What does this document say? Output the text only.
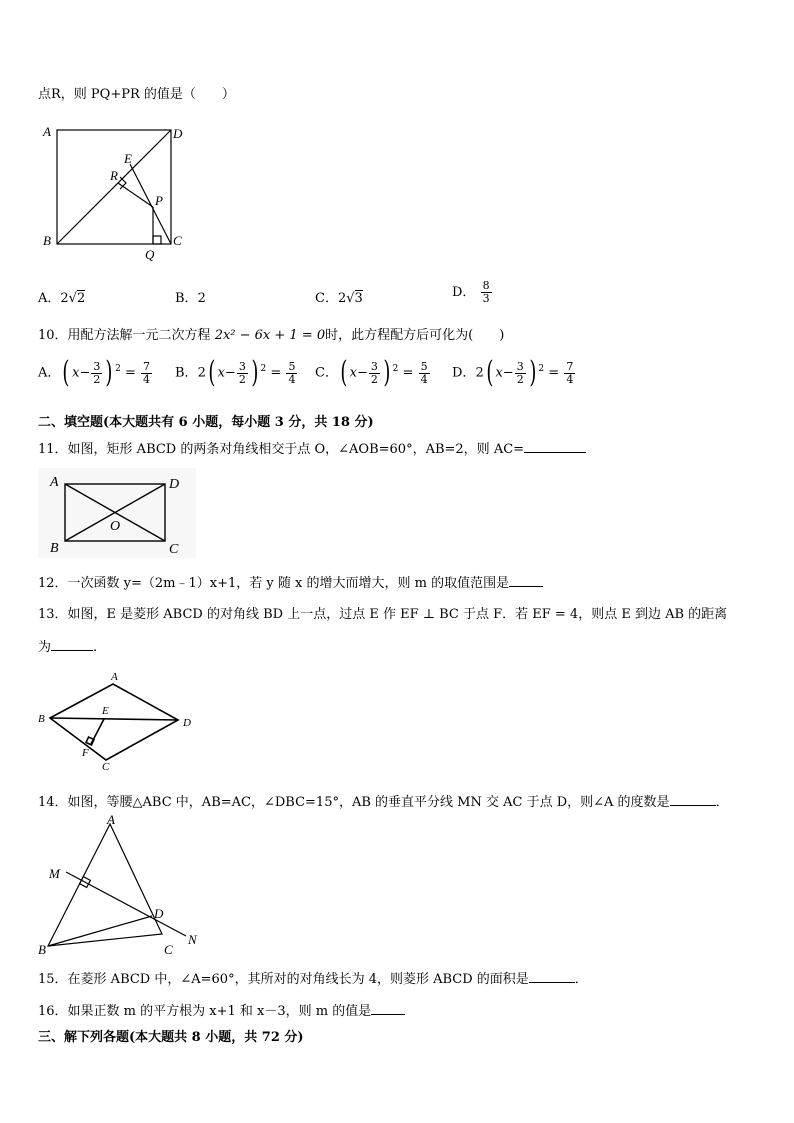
点R，则 PQ+PR 的值是（　　）
A	D
B	C
E
R
P
Q
A．2√2	B．2	C．2√3	D． $\frac{8}{3}$
10．用配方法解一元二次方程 2x² − 6x + 1 = 0时，此方程配方后可化为(　　)
A．( $x- \frac{3}{2}$ ) $^2 = \frac{7}{4}$ B．2( $x- \frac{3}{2}$ ) $^2 = \frac{5}{4}$ C．( $x- \frac{3}{2}$ ) $^2 = \frac{5}{4}$ D．2( $x- \frac{3}{2}$ ) $^2 = \frac{7}{4}$
二、填空题(本大题共有 6 小题，每小题 3 分，共 18 分)
11．如图，矩形 ABCD 的两条对角线相交于点 O，∠AOB=60°，AB=2，则 AC=
A	D
B	C
O
12．一次函数 y=（2m﹣1）x+1，若 y 随 x 的增大而增大，则 m 的取值范围是
13．如图，E 是菱形 ABCD 的对角线 BD 上一点，过点 E 作 EF ⊥ BC 于点 F．若 EF = 4，则点 E 到边 AB 的距离
为	.
A
B	D
C
E
F
14．如图，等腰△ABC 中，AB=AC，∠DBC=15°，AB 的垂直平分线 MN 交 AC 于点 D，则∠A 的度数是	．
A
M
B
D
C
N
15．在菱形 ABCD 中，∠A=60°，其所对的对角线长为 4，则菱形 ABCD 的面积是	．
16．如果正数 m 的平方根为 x+1 和 x－3，则 m 的值是
三、解下列各题(本大题共 8 小题，共 72 分)
